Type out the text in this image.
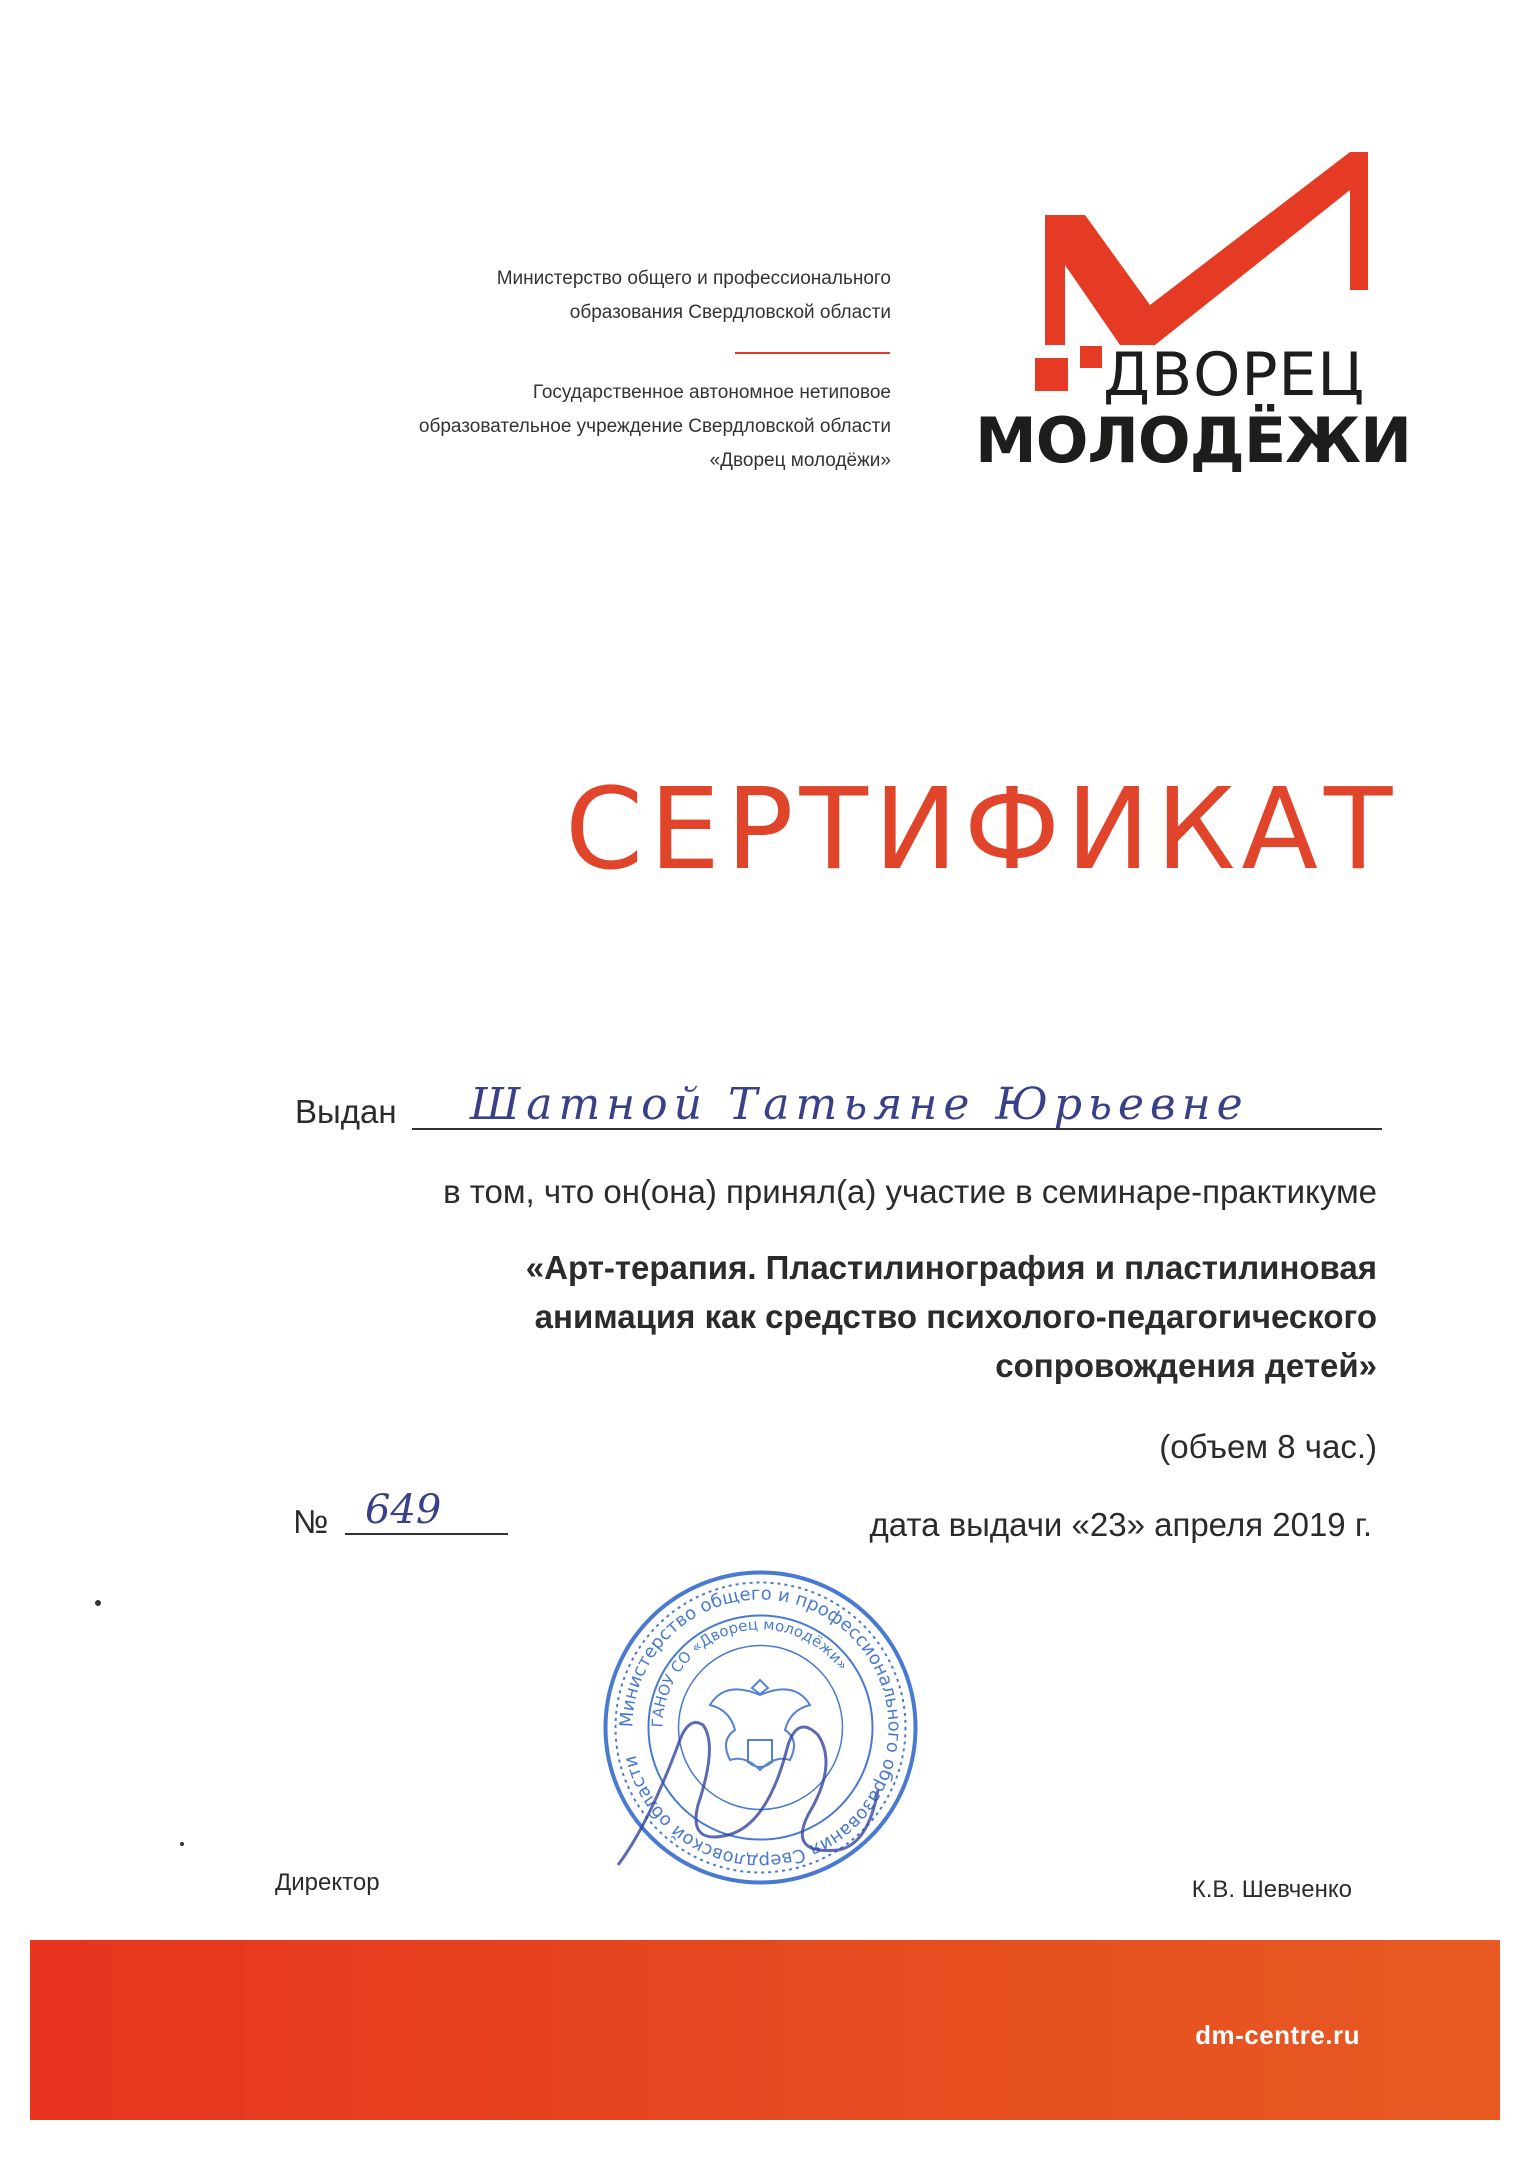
Министерство общего и профессионального
образования Свердловской области
Государственное автономное нетиповое
образовательное учреждение Свердловской области
«Дворец молодёжи»
ДВОРЕЦ
МОЛОДЁЖИ
СЕРТИФИКАТ
Выдан Шатной Татьяне Юрьевне
в том, что он(она) принял(а) участие в семинаре-практикуме
«Арт-терапия. Пластилинография и пластилиновая
анимация как средство психолого-педагогического
сопровождения детей»
(объем 8 час.)
№ 649	дата выдачи «23» апреля 2019 г.
Министерство общего и профессионального образования Свердловской области
ГАНОУ СО «Дворец молодёжи»
Директор	К.В. Шевченко
dm-centre.ru
